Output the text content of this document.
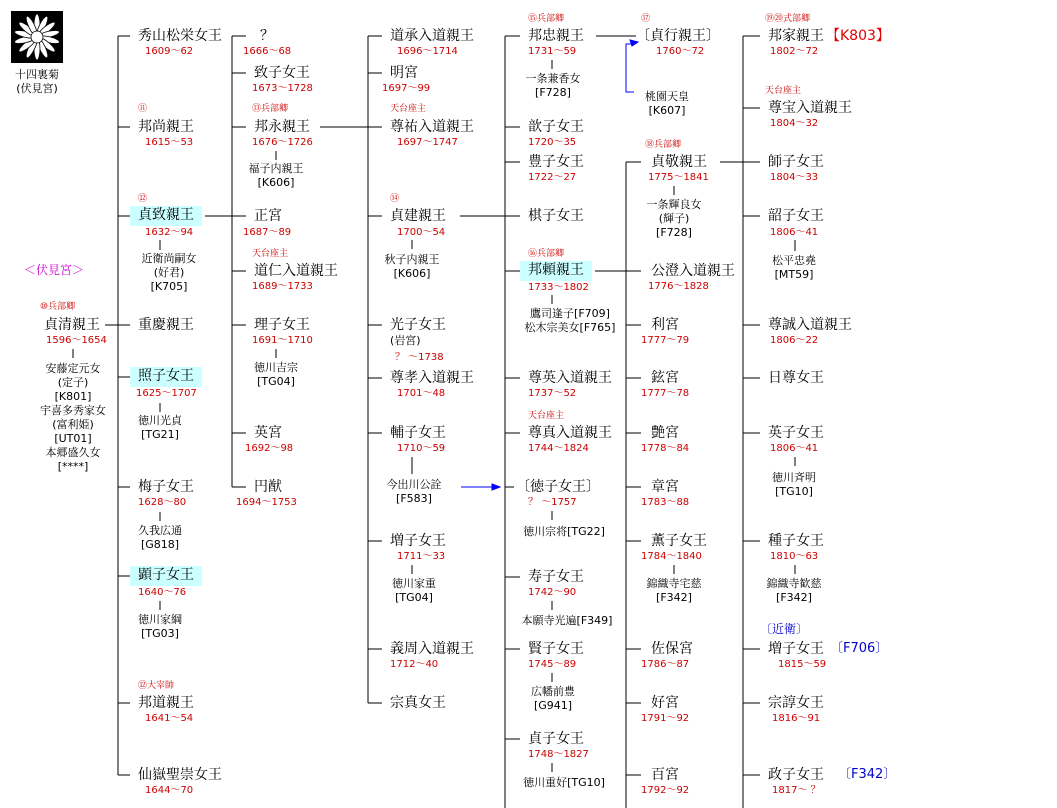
十四裏菊
(伏見宮)
＜伏見宮＞
⑩兵部卿
貞清親王
1596～1654
安藤定元女
(定子)
[K801]
宇喜多秀家女
(富利姫)
[UT01]
本郷盛久女
[****]
秀山松栄女王
1609～62
⑪
邦尚親王
1615～53
⑫
貞致親王
1632～94
近衛尚嗣女
(好君)
[K705]
重慶親王
照子女王
1625～1707
徳川光貞
[TG21]
梅子女王
1628～80
久我広通
[G818]
顕子女王
1640～76
徳川家綱
[TG03]
⑫大宰帥
邦道親王
1641～54
仙嶽聖崇女王
1644～70
？
1666～68
致子女王
1673～1728
⑬兵部卿
邦永親王
1676～1726
福子内親王
[K606]
正宮
1687～89
天台座主
道仁入道親王
1689～1733
理子女王
1691～1710
徳川吉宗
[TG04]
英宮
1692～98
円猷
1694～1753
道承入道親王
1696～1714
明宮
1697～99
天台座主
尊祐入道親王
1697～1747
⑭
貞建親王
1700～54
秋子内親王
[K606]
光子女王
(岩宮)
？ ～1738
尊孝入道親王
1701～48
輔子女王
1710～59
今出川公詮
[F583]
増子女王
1711～33
徳川家重
[TG04]
義周入道親王
1712～40
宗真女王
⑮兵部卿
邦忠親王
1731～59
一条兼香女
[F728]
歆子女王
1720～35
豊子女王
1722～27
棋子女王
⑯兵部卿
邦頼親王
1733～1802
鷹司逢子[F709]
松木宗美女[F765]
尊英入道親王
1737～52
天台座主
尊真入道親王
1744～1824
〔徳子女王〕
？ ～1757
徳川宗将[TG22]
寿子女王
1742～90
本願寺光遍[F349]
賢子女王
1745～89
広幡前豊
[G941]
貞子女王
1748～1827
徳川重好[TG10]
⑰
〔貞行親王〕
1760～72
桃園天皇
[K607]
⑱兵部卿
貞敬親王
1775～1841
一条輝良女
(輝子)
[F728]
公澄入道親王
1776～1828
利宮
1777～79
鉉宮
1777～78
艶宮
1778～84
章宮
1783～88
薫子女王
1784～1840
錦織寺宅慈
[F342]
佐保宮
1786～87
好宮
1791～92
百宮
1792～92
⑲⑳式部卿
邦家親王 【K803】
1802～72
天台座主
尊宝入道親王
1804～32
師子女王
1804～33
韶子女王
1806～41
松平忠堯
[MT59]
尊誠入道親王
1806～22
日尊女王
英子女王
1806～41
徳川斉明
[TG10]
種子女王
1810～63
錦織寺歓慈
[F342]
〔近衛〕
増子女王 〔F706〕
1815～59
宗諄女王
1816～91
政子女王 〔F342〕
1817～ ？
